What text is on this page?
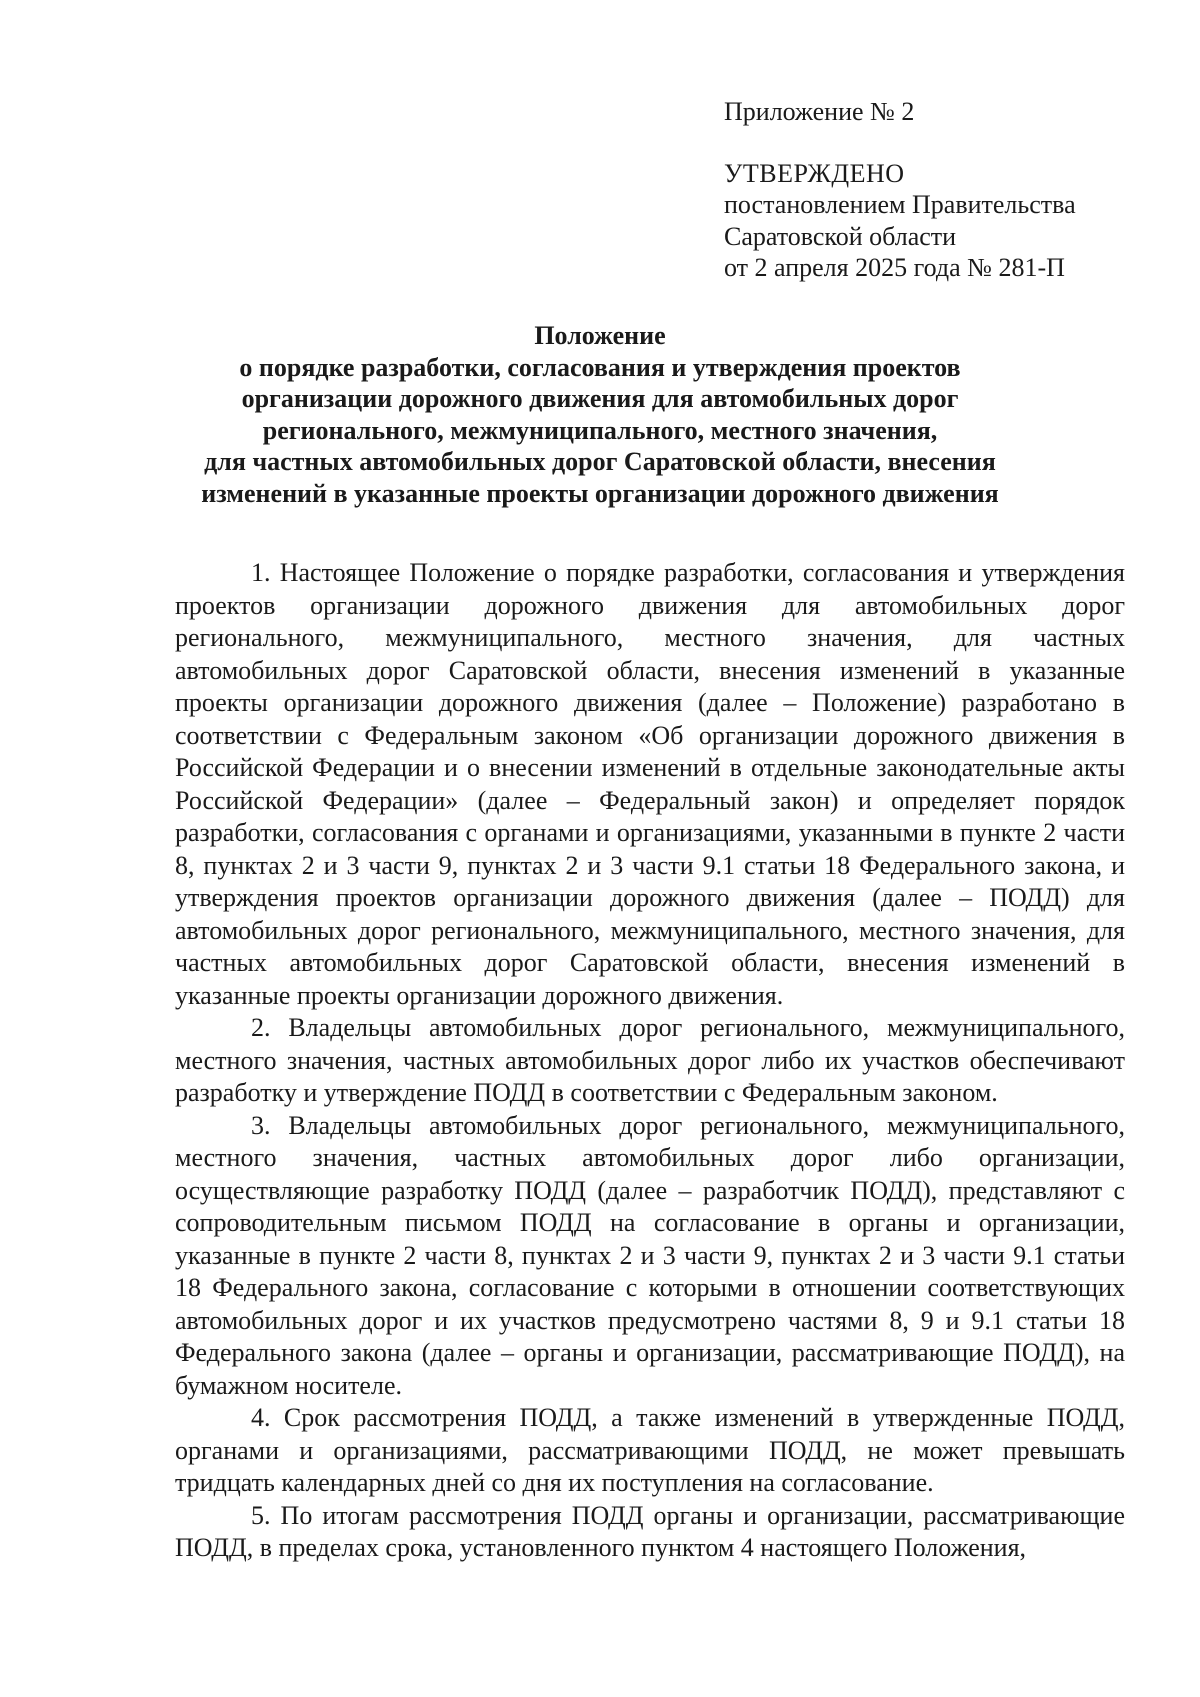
Приложение № 2
УТВЕРЖДЕНО
постановлением Правительства
Саратовской области
от 2 апреля 2025 года № 281-П
Положение
о порядке разработки, согласования и утверждения проектов
организации дорожного движения для автомобильных дорог
регионального, межмуниципального, местного значения,
для частных автомобильных дорог Саратовской области, внесения
изменений в указанные проекты организации дорожного движения

1. Настоящее Положение о порядке разработки, согласования и утверждения проектов организации дорожного движения для автомобильных дорог регионального, межмуниципального, местного значения, для частных автомобильных дорог Саратовской области, внесения изменений в указанные проекты организации дорожного движения (далее – Положение) разработано в соответствии с Федеральным законом «Об организации дорожного движения в Российской Федерации и о внесении изменений в отдельные законодательные акты Российской Федерации» (далее – Федеральный закон) и определяет порядок разработки, согласования с органами и организациями, указанными в пункте 2 части 8, пунктах 2 и 3 части 9, пунктах 2 и 3 части 9.1 статьи 18 Федерального закона, и утверждения проектов организации дорожного движения (далее – ПОДД) для автомобильных дорог регионального, межмуниципального, местного значения, для частных автомобильных дорог Саратовской области, внесения изменений в указанные проекты организации дорожного движения.

2. Владельцы автомобильных дорог регионального, межмуниципального, местного значения, частных автомобильных дорог либо их участков обеспечивают разработку и утверждение ПОДД в соответствии с Федеральным законом.

3. Владельцы автомобильных дорог регионального, межмуниципального, местного значения, частных автомобильных дорог либо организации, осуществляющие разработку ПОДД (далее – разработчик ПОДД), представляют с сопроводительным письмом ПОДД на согласование в органы и организации, указанные в пункте 2 части 8, пунктах 2 и 3 части 9, пунктах 2 и 3 части 9.1 статьи 18 Федерального закона, согласование с которыми в отношении соответствующих автомобильных дорог и их участков предусмотрено частями 8, 9 и 9.1 статьи 18 Федерального закона (далее – органы и организации, рассматривающие ПОДД), на бумажном носителе.

4. Срок рассмотрения ПОДД, а также изменений в утвержденные ПОДД, органами и организациями, рассматривающими ПОДД, не может превышать тридцать календарных дней со дня их поступления на согласование.

5. По итогам рассмотрения ПОДД органы и организации, рассматривающие ПОДД, в пределах срока, установленного пунктом 4 настоящего Положения,
